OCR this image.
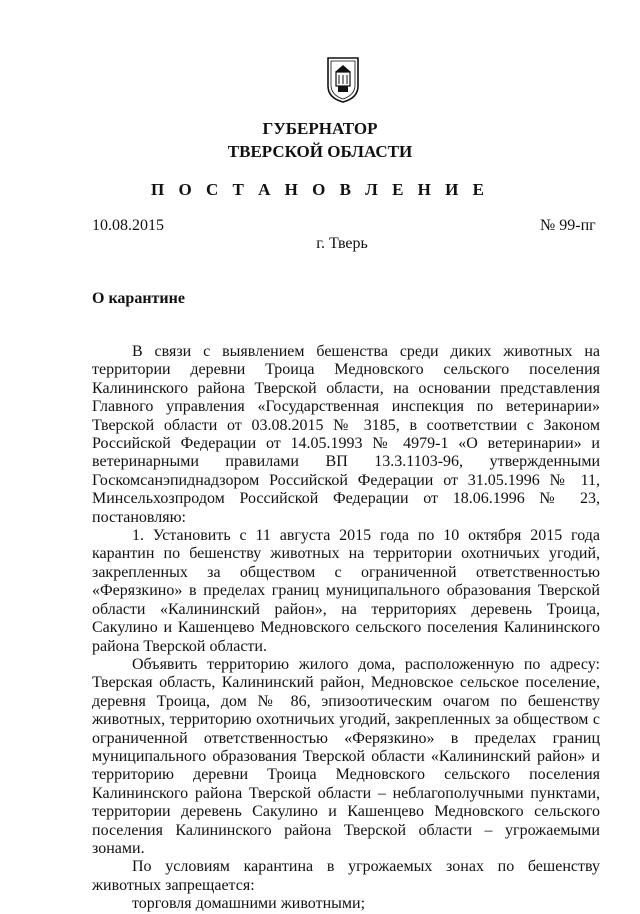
ГУБЕРНАТОР
ТВЕРСКОЙ ОБЛАСТИ
П О С Т А Н О В Л Е Н И Е
10.08.2015	№ 99-пг
г. Тверь
О карантине

В связи с выявлением бешенства среди диких животных на территории деревни Троица Медновского сельского поселения Калининского района Тверской области, на основании представления Главного управления «Государственная инспекция по ветеринарии» Тверской области от 03.08.2015 № 3185, в соответствии с Законом Российской Федерации от 14.05.1993 № 4979-1 «О ветеринарии» и ветеринарными правилами ВП 13.3.1103-96, утвержденными Госкомсанэпиднадзором Российской Федерации от 31.05.1996 № 11, Минсельхозпродом Российской Федерации от 18.06.1996 № 23, постановляю:

1. Установить с 11 августа 2015 года по 10 октября 2015 года карантин по бешенству животных на территории охотничьих угодий, закрепленных за обществом с ограниченной ответственностью «Ферязкино» в пределах границ муниципального образования Тверской области «Калининский район», на территориях деревень Троица, Сакулино и Кашенцево Медновского сельского поселения Калининского района Тверской области.

Объявить территорию жилого дома, расположенную по адресу: Тверская область, Калининский район, Медновское сельское поселение, деревня Троица, дом № 86, эпизоотическим очагом по бешенству животных, территорию охотничьих угодий, закрепленных за обществом с ограниченной ответственностью «Ферязкино» в пределах границ муниципального образования Тверской области «Калининский район» и территорию деревни Троица Медновского сельского поселения Калининского района Тверской области – неблагополучными пунктами, территории деревень Сакулино и Кашенцево Медновского сельского поселения Калининского района Тверской области – угрожаемыми зонами.

По условиям карантина в угрожаемых зонах по бешенству животных запрещается:

торговля домашними животными;
